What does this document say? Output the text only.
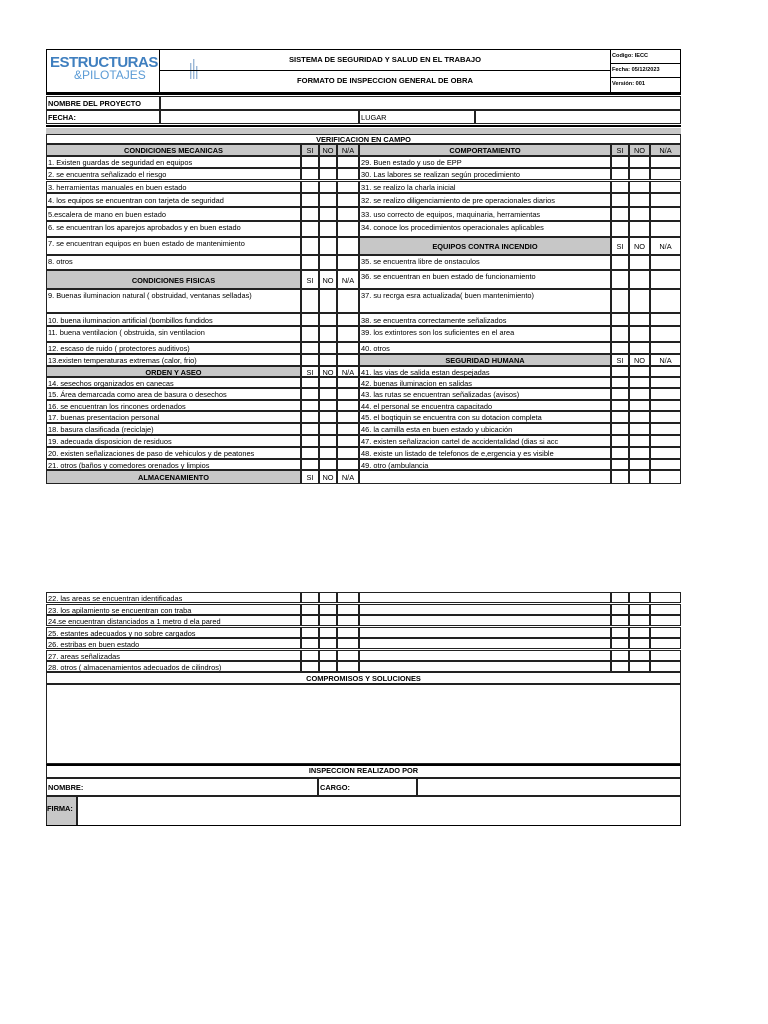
ESTRUCTURAS
&PILOTAJES
SISTEMA DE SEGURIDAD Y SALUD EN EL TRABAJO
FORMATO DE INSPECCION GENERAL DE OBRA
Codigo: IECC
Fecha: 05/12/2023
Versión: 001
NOMBRE DEL PROYECTO
FECHA:	LUGAR
VERIFICACION EN CAMPO
CONDICIONES MECANICAS	SI	NO	N/A
1. Existen guardas de seguridad en equipos
2. se encuentra señalizado el riesgo
3. herramientas manuales en buen estado
4. los equipos se encuentran con tarjeta de seguridad
5.escalera de mano en buen estado
6. se encuentran los aparejos aprobados y en buen estado
7. se encuentran equipos en buen estado de mantenimiento
8. otros
CONDICIONES FISICAS	SI	NO	N/A
9. Buenas iluminacion natural ( obstruidad, ventanas selladas)
10. buena iluminacion artificial (bombillos fundidos
11. buena ventilacion ( obstruida, sin ventilacion
12. escaso de ruido ( protectores auditivos)
13.existen temperaturas extremas (calor, frio)
ORDEN Y ASEO	SI	NO	N/A
14. sesechos organizados en canecas
15. Área demarcada como area de basura o desechos
16. se encuentran los rincones ordenados
17. buenas presentacion personal
18. basura clasificada (reciclaje)
19. adecuada disposicion de residuos
20. existen señalizaciones de paso de vehiculos y de peatones
21. otros (baños y comedores orenados y limpios
ALMACENAMIENTO	SI	NO	N/A
COMPORTAMIENTO	SI	NO	N/A
29. Buen estado y uso de EPP
30. Las labores se realizan según procedimiento
31. se realizo la charla inicial
32. se realizo diligenciamiento de pre operacionales diarios
33. uso correcto de equipos, maquinaria, herramientas
34. conoce los procedimientos operacionales aplicables
EQUIPOS CONTRA INCENDIO	SI	NO	N/A
35. se encuentra libre de onstaculos
36. se encuentran en buen estado de funcionamiento
37. su recrga esra actualizada( buen mantenimiento)
38. se encuentra correctamente señalizados
39. los extintores son los suficientes en el area
40. otros
SEGURIDAD HUMANA	SI	NO	N/A
41. las vias de salida estan despejadas
42. buenas iluminacion en salidas
43. las rutas se encuentran señalizadas (avisos)
44. el personal se encuentra capacitado
45. el boqtiquin se encuentra con su dotacion completa
46. la camilla esta en buen estado y ubicación
47. existen señalizacion cartel de accidentalidad (dias si acc
48. existe un listado de telefonos de e,ergencia y es visible
49. otro (ambulancia
22. las areas se encuentran identificadas
23. los apilamiento se encuentran con traba
24.se encuentran distanciados a 1 metro d ela pared
25. estantes adecuados y no sobre cargados
26. estribas en buen estado
27. areas señalizadas
28. otros ( almacenamientos adecuados de cilindros)
COMPROMISOS Y SOLUCIONES
INSPECCION REALIZADO POR
NOMBRE:	CARGO:
FIRMA:
